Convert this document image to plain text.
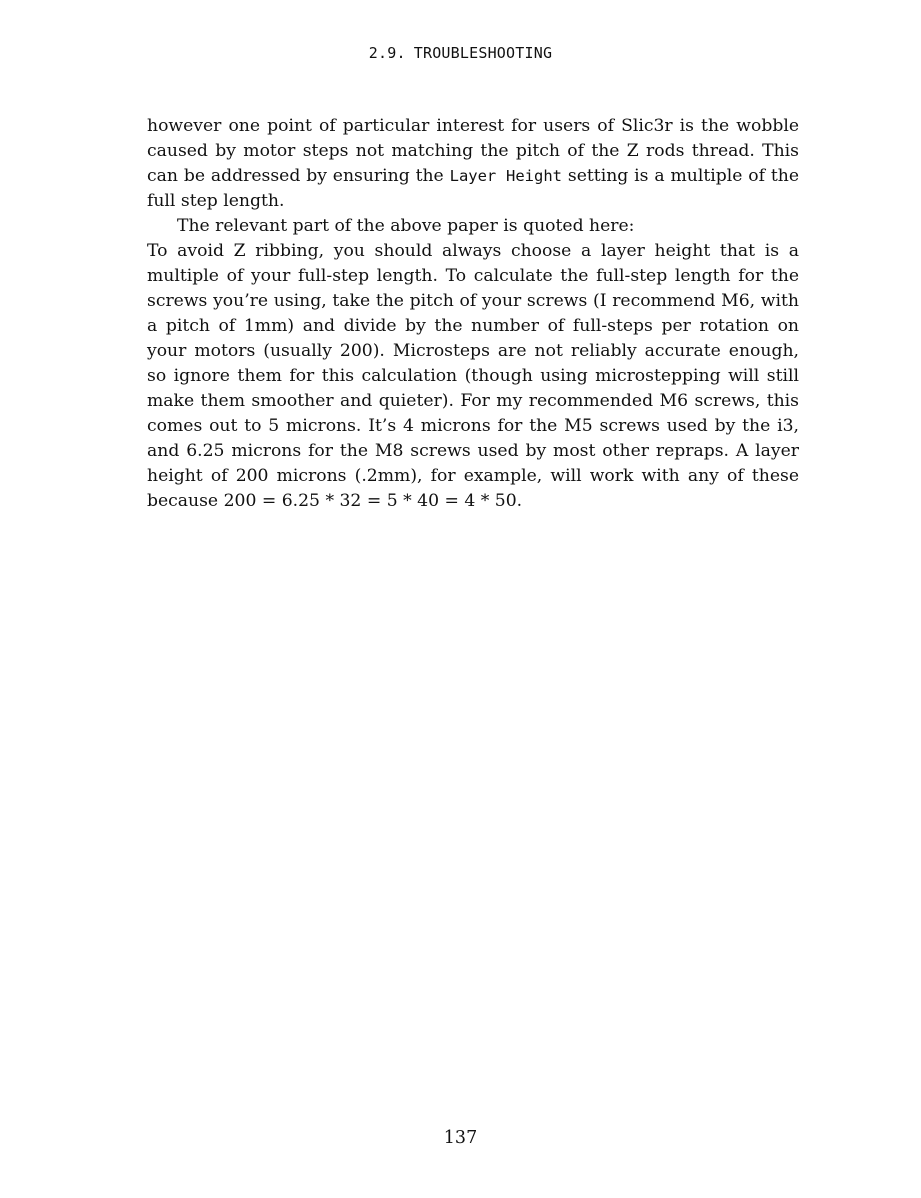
2.9. TROUBLESHOOTING

however one point of particular interest for users of Slic3r is the wobble caused by motor steps not matching the pitch of the Z rods thread. This can be addressed by ensuring the Layer Height setting is a multiple of the full step length.

The relevant part of the above paper is quoted here:

To avoid Z ribbing, you should always choose a layer height that is a multiple of your full-step length. To calculate the full-step length for the screws you’re using, take the pitch of your screws (I recommend M6, with a pitch of 1mm) and divide by the number of full-steps per rotation on your motors (usually 200). Microsteps are not reliably accurate enough, so ignore them for this calculation (though using microstepping will still make them smoother and quieter). For my recommended M6 screws, this comes out to 5 microns. It’s 4 microns for the M5 screws used by the i3, and 6.25 microns for the M8 screws used by most other repraps. A layer height of 200 microns (.2mm), for example, will work with any of these because 200 = 6.25 * 32 = 5 * 40 = 4 * 50.

137
